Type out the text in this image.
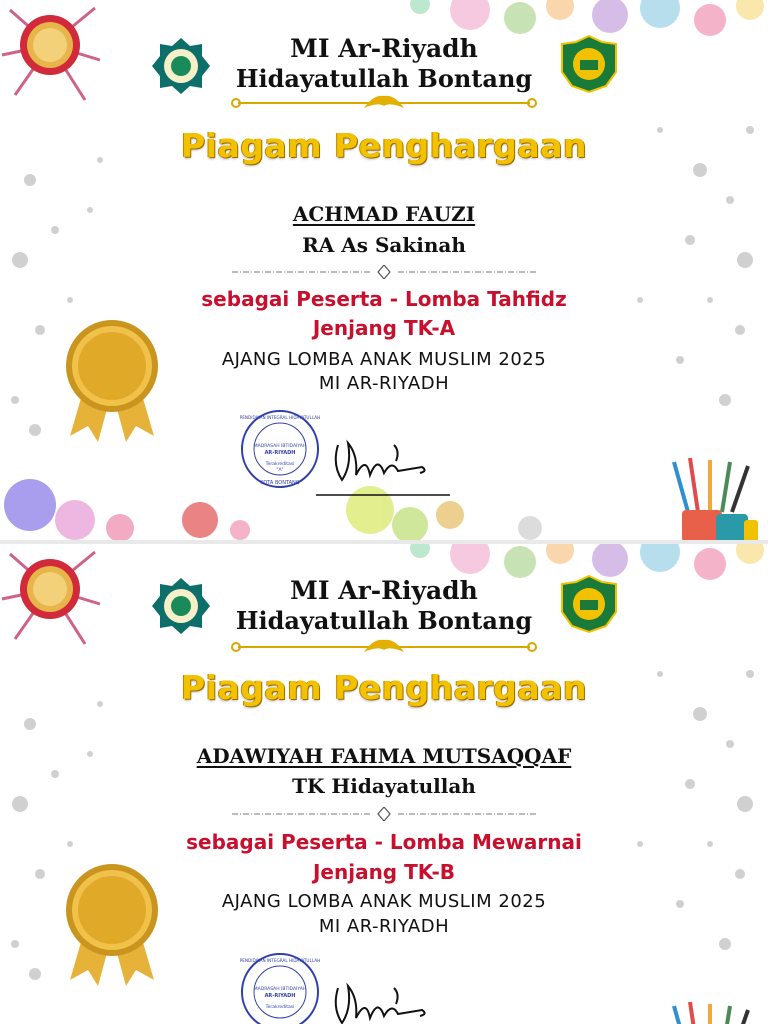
MI Ar-Riyadh
Hidayatullah Bontang
Piagam Penghargaan
ACHMAD FAUZI
RA As Sakinah
sebagai Peserta - Lomba Tahfidz
Jenjang TK-A
AJANG LOMBA ANAK MUSLIM 2025
MI AR-RIYADH
PENDIDIKAN INTEGRAL HIDAYATULLAH
MADRASAH IBTIDAIYAH
AR-RIYADH
Terakreditasi
"A"
KOTA BONTANG
MI Ar-Riyadh
Hidayatullah Bontang
Piagam Penghargaan
ADAWIYAH FAHMA MUTSAQQAF
TK Hidayatullah
sebagai Peserta - Lomba Mewarnai
Jenjang TK-B
AJANG LOMBA ANAK MUSLIM 2025
MI AR-RIYADH
PENDIDIKAN INTEGRAL HIDAYATULLAH
MADRASAH IBTIDAIYAH
AR-RIYADH
Terakreditasi
